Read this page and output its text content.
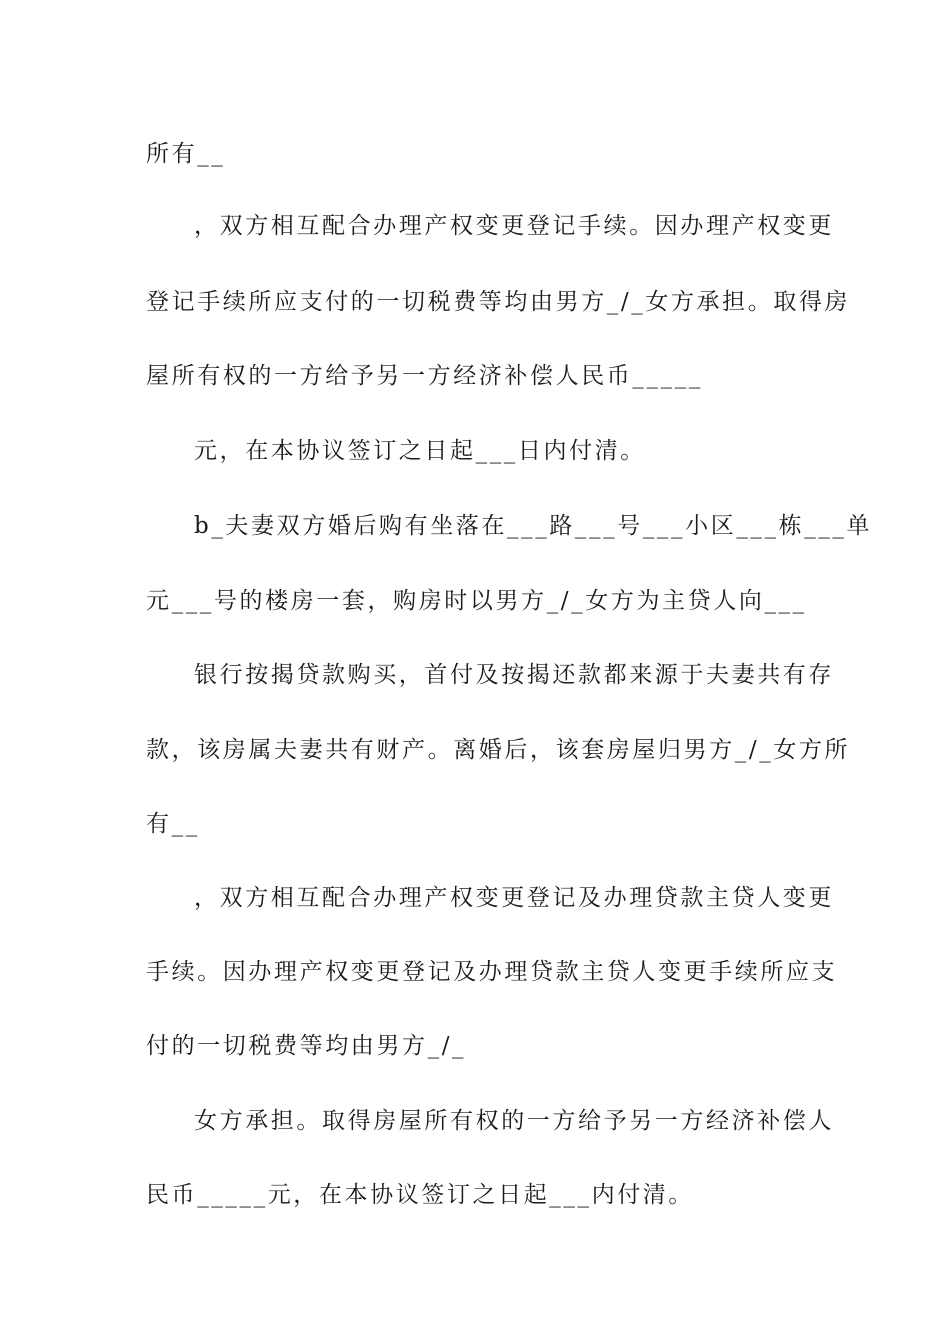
所有__
，双方相互配合办理产权变更登记手续。因办理产权变更
登记手续所应支付的一切税费等均由男方_/_女方承担。取得房
屋所有权的一方给予另一方经济补偿人民币_____
元，在本协议签订之日起___日内付清。
b_夫妻双方婚后购有坐落在___路___号___小区___栋___单
元___号的楼房一套，购房时以男方_/_女方为主贷人向___
银行按揭贷款购买，首付及按揭还款都来源于夫妻共有存
款，该房属夫妻共有财产。离婚后，该套房屋归男方_/_女方所
有__
，双方相互配合办理产权变更登记及办理贷款主贷人变更
手续。因办理产权变更登记及办理贷款主贷人变更手续所应支
付的一切税费等均由男方_/_
女方承担。取得房屋所有权的一方给予另一方经济补偿人
民币_____元，在本协议签订之日起___内付清。
